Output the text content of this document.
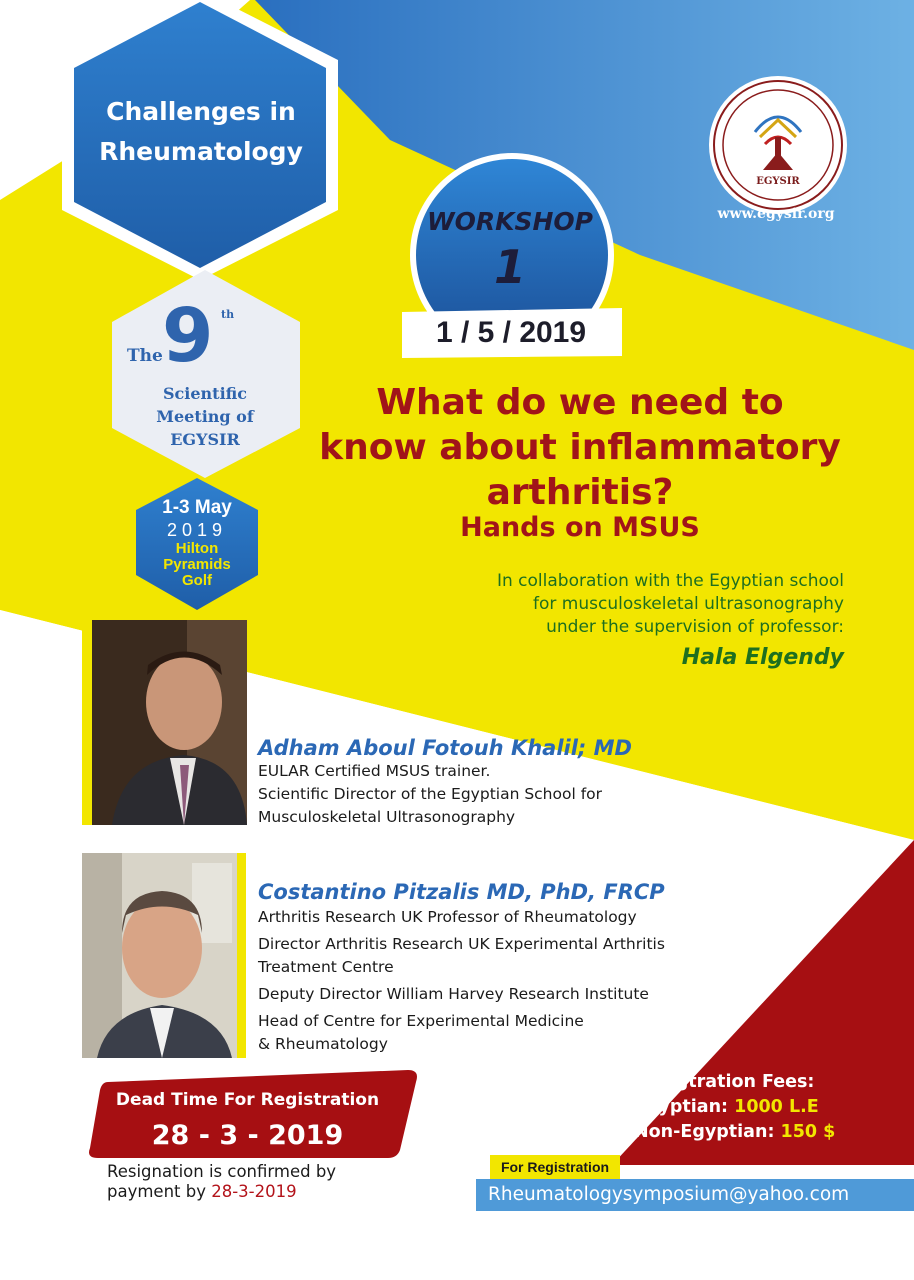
Challenges in
Rheumatology
The 9 th
Scientific
Meeting of
EGYSIR
1-3 May
2019
Hilton
Pyramids
Golf
WORKSHOP
1
1 / 5 / 2019
EGYSIR
www.egysir.org
What do we need to
know about inflammatory
arthritis?
Hands on MSUS
In collaboration with the Egyptian school
for musculoskeletal ultrasonography
under the supervision of professor:
Hala Elgendy
Adham Aboul Fotouh Khalil; MD
EULAR Certified MSUS trainer.
Scientific Director of the Egyptian School for
Musculoskeletal Ultrasonography
Costantino Pitzalis MD, PhD, FRCP
Arthritis Research UK Professor of Rheumatology
Director Arthritis Research UK Experimental Arthritis
Treatment Centre
Deputy Director William Harvey Research Institute
Head of Centre for Experimental Medicine
& Rheumatology
Dead Time For Registration
28 - 3 - 2019
Resignation is confirmed by
payment by 28-3-2019
Resigtration Fees:
Egyptian: 1000 L.E
Non-Egyptian: 150 $
For Registration
Rheumatologysymposium@yahoo.com
